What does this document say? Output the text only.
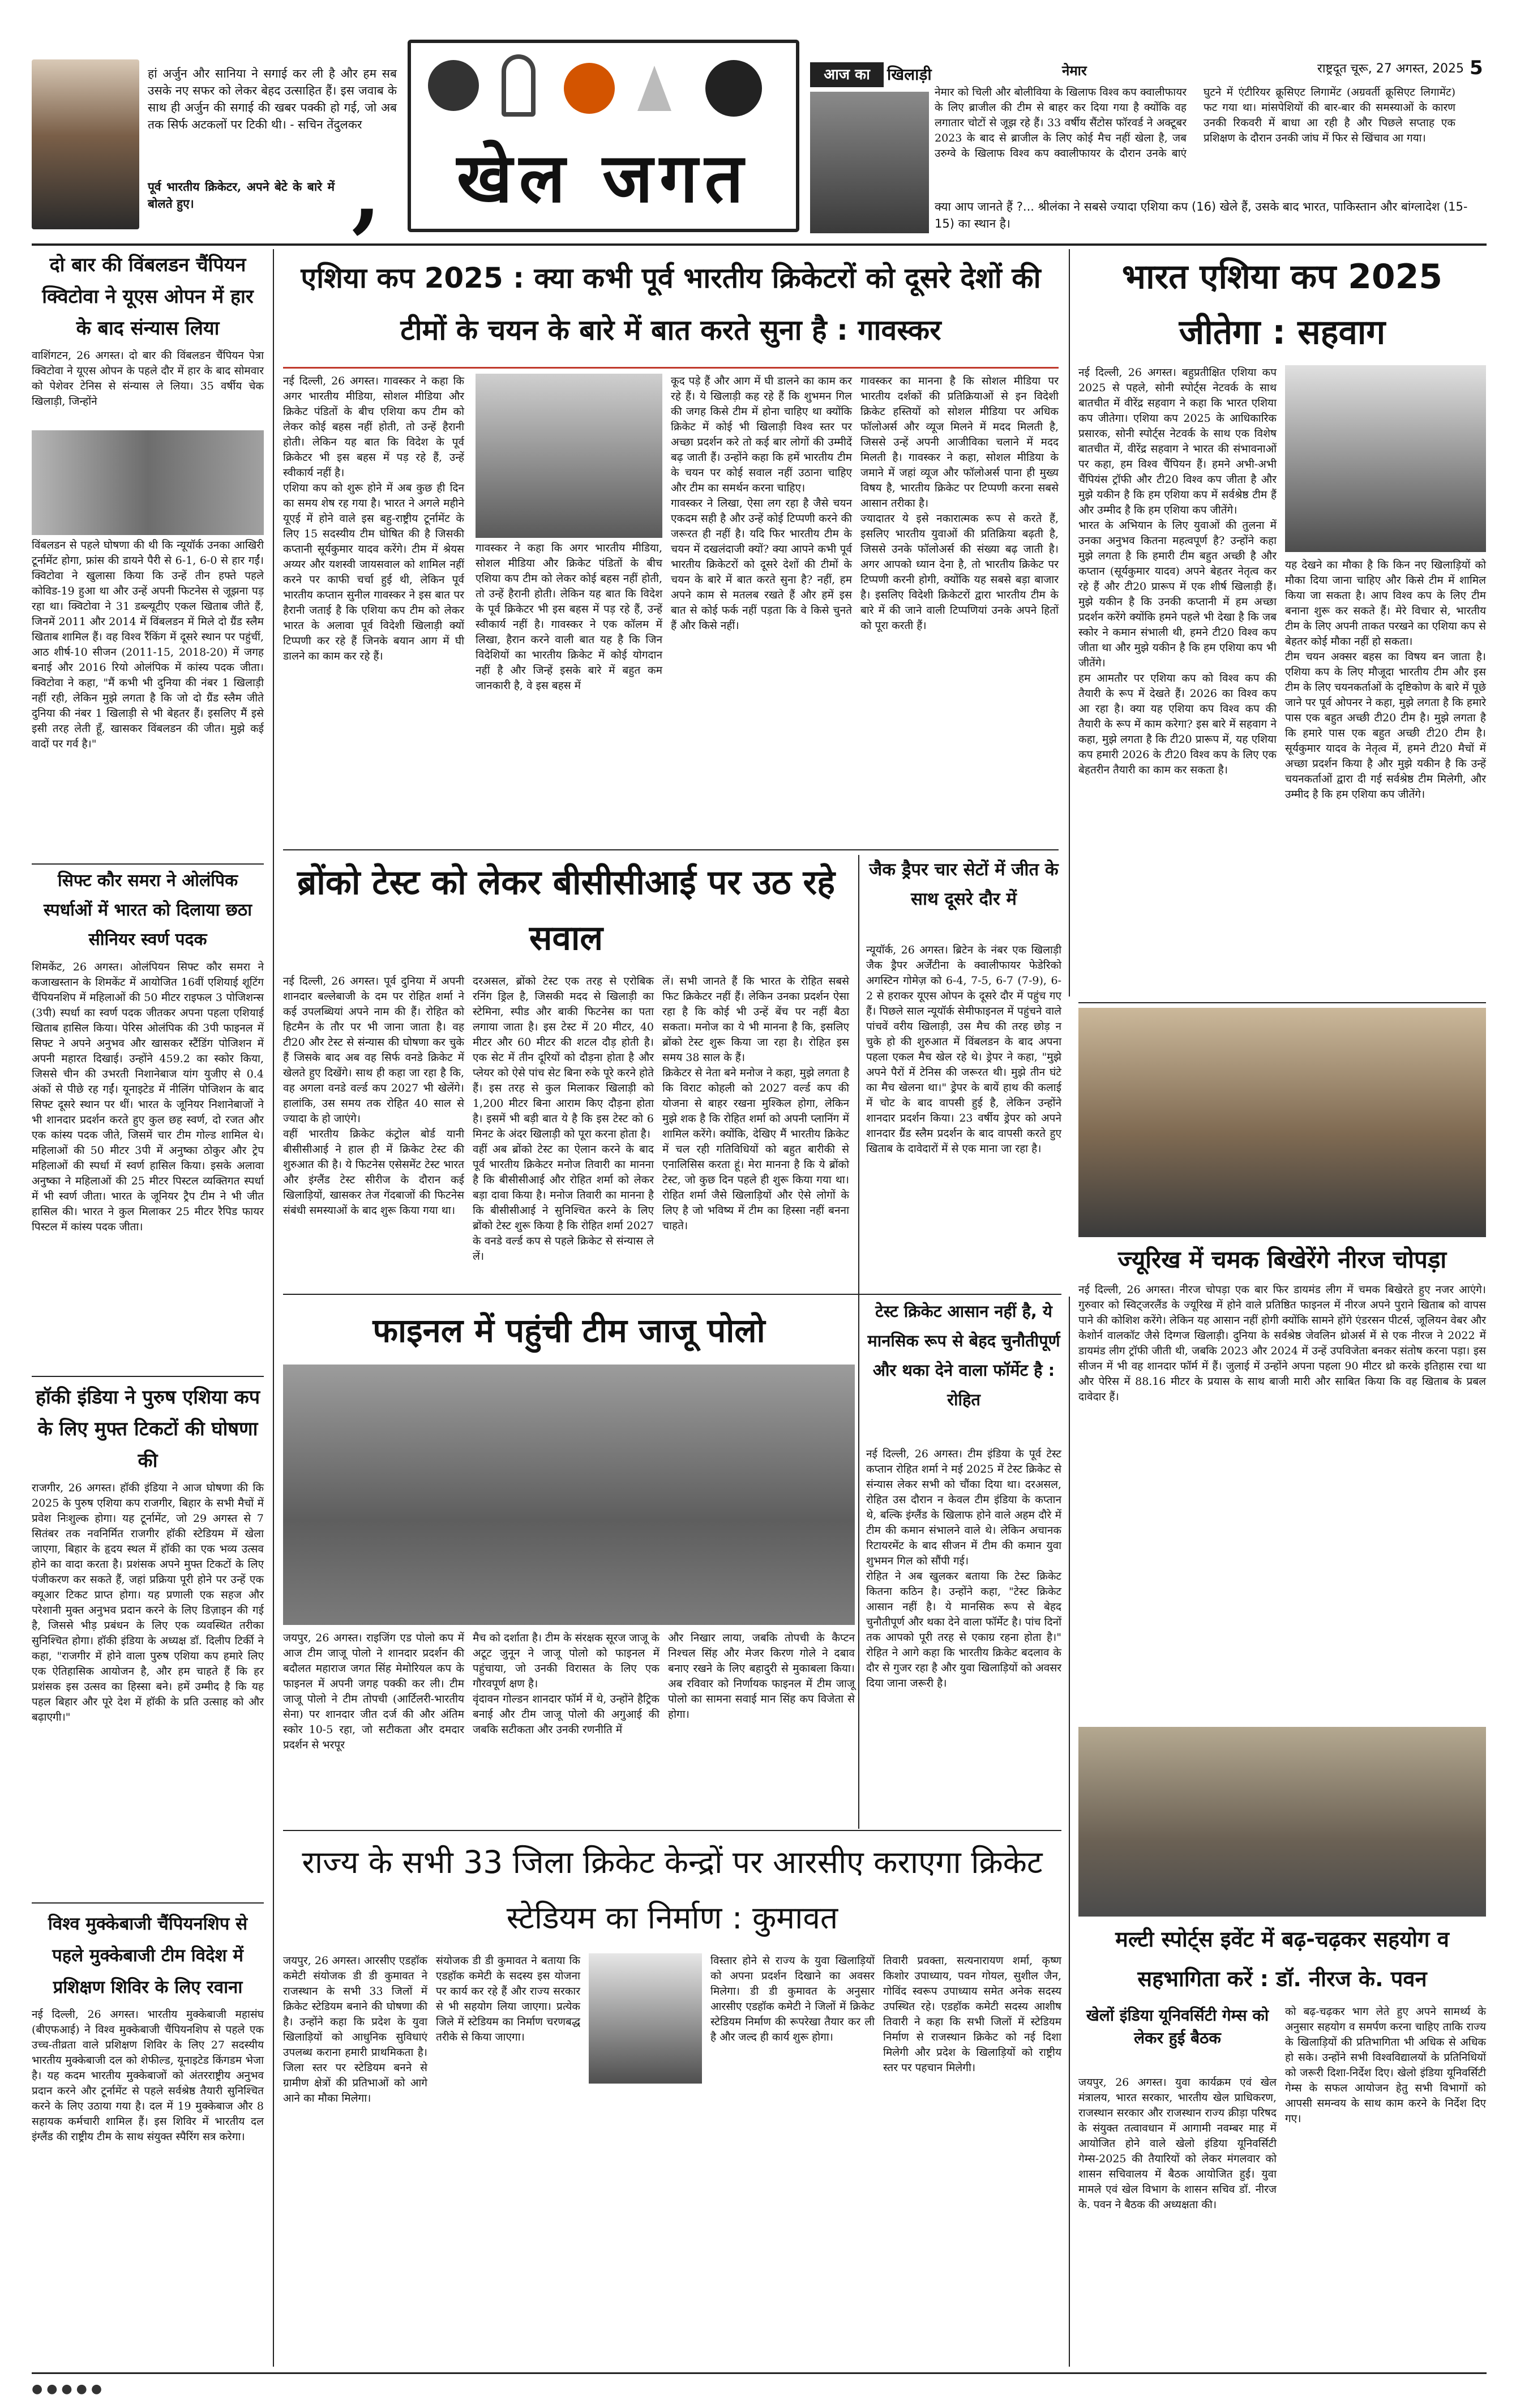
हां अर्जुन और सानिया ने सगाई कर ली है और हम सब उसके नए सफर को लेकर बेहद उत्साहित हैं। इस जवाब के साथ ही अर्जुन की सगाई की खबर पक्की हो गई, जो अब तक सिर्फ अटकलों पर टिकी थी। - सचिन तेंदुलकर
पूर्व भारतीय क्रिकेटर, अपने बेटे के बारे में बोलते हुए।	,	खेल जगत
आज का	खिलाड़ी	नेमार
नेमार को चिली और बोलीविया के खिलाफ विश्व कप क्वालीफायर के लिए ब्राजील की टीम से बाहर कर दिया गया है क्योंकि वह लगातार चोटों से जूझ रहे हैं। 33 वर्षीय सैंटोस फॉरवर्ड ने अक्टूबर 2023 के बाद से ब्राजील के लिए कोई मैच नहीं खेला है, जब उरुग्वे के खिलाफ विश्व कप क्वालीफायर के दौरान उनके बाएं घुटने में एंटीरियर क्रूसिएट लिगामेंट (अग्रवर्ती क्रूसिएट लिगामेंट) फट गया था। मांसपेशियों की बार-बार की समस्याओं के कारण उनकी रिकवरी में बाधा आ रही है और पिछले सप्ताह एक प्रशिक्षण के दौरान उनकी जांघ में फिर से खिंचाव आ गया।
क्या आप जानते हैं ?... श्रीलंका ने सबसे ज्यादा एशिया कप (16) खेले हैं, उसके बाद भारत, पाकिस्तान और बांग्लादेश (15-15) का स्थान है।
राष्ट्रदूत चूरू, 27 अगस्त, 2025 5
दो बार की विंबलडन चैंपियन क्विटोवा ने यूएस ओपन में हार के बाद संन्यास लिया
वाशिंगटन, 26 अगस्त। दो बार की विंबलडन चैंपियन पेत्रा क्विटोवा ने यूएस ओपन के पहले दौर में हार के बाद सोमवार को पेशेवर टेनिस से संन्यास ले लिया। 35 वर्षीय चेक खिलाड़ी, जिन्होंने
विंबलडन से पहले घोषणा की थी कि न्यूयॉर्क उनका आखिरी टूर्नामेंट होगा, फ्रांस की डायने पैरी से 6-1, 6-0 से हार गईं। क्विटोवा ने खुलासा किया कि उन्हें तीन हफ्ते पहले कोविड-19 हुआ था और उन्हें अपनी फिटनेस से जूझना पड़ रहा था। क्विटोवा ने 31 डब्ल्यूटीए एकल खिताब जीते हैं, जिनमें 2011 और 2014 में विंबलडन में मिले दो ग्रैंड स्लैम खिताब शामिल हैं। वह विश्व रैंकिंग में दूसरे स्थान पर पहुंचीं, आठ शीर्ष-10 सीजन (2011-15, 2018-20) में जगह बनाई और 2016 रियो ओलंपिक में कांस्य पदक जीता। क्विटोवा ने कहा, "मैं कभी भी दुनिया की नंबर 1 खिलाड़ी नहीं रही, लेकिन मुझे लगता है कि जो दो ग्रैंड स्लैम जीते दुनिया की नंबर 1 खिलाड़ी से भी बेहतर हैं। इसलिए मैं इसे इसी तरह लेती हूँ, खासकर विंबलडन की जीत। मुझे कई वादों पर गर्व है।"
सिफ्ट कौर समरा ने ओलंपिक स्पर्धाओं में भारत को दिलाया छठा सीनियर स्वर्ण पदक
शिमकेंट, 26 अगस्त। ओलंपियन सिफ्ट कौर समरा ने कजाखस्तान के शिमकेंट में आयोजित 16वीं एशियाई शूटिंग चैंपियनशिप में महिलाओं की 50 मीटर राइफल 3 पोजिशन्स (3पी) स्पर्धा का स्वर्ण पदक जीतकर अपना पहला एशियाई खिताब हासिल किया। पेरिस ओलंपिक की 3पी फाइनल में सिफ्ट ने अपने अनुभव और खासकर स्टैंडिंग पोजिशन में अपनी महारत दिखाई। उन्होंने 459.2 का स्कोर किया, जिससे चीन की उभरती निशानेबाज यांग युजीए से 0.4 अंकों से पीछे रह गईं। यूनाइटेड में नीलिंग पोजिशन के बाद सिफ्ट दूसरे स्थान पर थीं। भारत के जूनियर निशानेबाजों ने भी शानदार प्रदर्शन करते हुए कुल छह स्वर्ण, दो रजत और एक कांस्य पदक जीते, जिसमें चार टीम गोल्ड शामिल थे। महिलाओं की 50 मीटर 3पी में अनुष्का ठोकुर और ट्रेप महिलाओं की स्पर्धा में स्वर्ण हासिल किया। इसके अलावा अनुष्का ने महिलाओं की 25 मीटर पिस्टल व्यक्तिगत स्पर्धा में भी स्वर्ण जीता। भारत के जूनियर ट्रैप टीम ने भी जीत हासिल की। भारत ने कुल मिलाकर 25 मीटर रैपिड फायर पिस्टल में कांस्य पदक जीता।
हॉकी इंडिया ने पुरुष एशिया कप के लिए मुफ्त टिकटों की घोषणा की
राजगीर, 26 अगस्त। हॉकी इंडिया ने आज घोषणा की कि 2025 के पुरुष एशिया कप राजगीर, बिहार के सभी मैचों में प्रवेश निःशुल्क होगा। यह टूर्नामेंट, जो 29 अगस्त से 7 सितंबर तक नवनिर्मित राजगीर हॉकी स्टेडियम में खेला जाएगा, बिहार के हृदय स्थल में हॉकी का एक भव्य उत्सव होने का वादा करता है। प्रशंसक अपने मुफ्त टिकटों के लिए पंजीकरण कर सकते हैं, जहां प्रक्रिया पूरी होने पर उन्हें एक क्यूआर टिकट प्राप्त होगा। यह प्रणाली एक सहज और परेशानी मुक्त अनुभव प्रदान करने के लिए डिज़ाइन की गई है, जिससे भीड़ प्रबंधन के लिए एक व्यवस्थित तरीका सुनिश्चित होगा। हॉकी इंडिया के अध्यक्ष डॉ. दिलीप टिर्की ने कहा, "राजगीर में होने वाला पुरुष एशिया कप हमारे लिए एक ऐतिहासिक आयोजन है, और हम चाहते हैं कि हर प्रशंसक इस उत्सव का हिस्सा बने। हमें उम्मीद है कि यह पहल बिहार और पूरे देश में हॉकी के प्रति उत्साह को और बढ़ाएगी।"
विश्व मुक्केबाजी चैंपियनशिप से पहले मुक्केबाजी टीम विदेश में प्रशिक्षण शिविर के लिए रवाना
नई दिल्ली, 26 अगस्त। भारतीय मुक्केबाजी महासंघ (बीएफआई) ने विश्व मुक्केबाजी चैंपियनशिप से पहले एक उच्च-तीव्रता वाले प्रशिक्षण शिविर के लिए 27 सदस्यीय भारतीय मुक्केबाजी दल को शेफील्ड, यूनाइटेड किंगडम भेजा है। यह कदम भारतीय मुक्केबाजों को अंतरराष्ट्रीय अनुभव प्रदान करने और टूर्नामेंट से पहले सर्वश्रेष्ठ तैयारी सुनिश्चित करने के लिए उठाया गया है। दल में 19 मुक्केबाज और 8 सहायक कर्मचारी शामिल हैं। इस शिविर में भारतीय दल इंग्लैंड की राष्ट्रीय टीम के साथ संयुक्त स्पैरिंग सत्र करेगा।
एशिया कप 2025 : क्या कभी पूर्व भारतीय क्रिकेटरों को दूसरे देशों की टीमों के चयन के बारे में बात करते सुना है : गावस्कर
नई दिल्ली, 26 अगस्त। गावस्कर ने कहा कि अगर भारतीय मीडिया, सोशल मीडिया और क्रिकेट पंडितों के बीच एशिया कप टीम को लेकर कोई बहस नहीं होती, तो उन्हें हैरानी होती। लेकिन यह बात कि विदेश के पूर्व क्रिकेटर भी इस बहस में पड़ रहे हैं, उन्हें स्वीकार्य नहीं है।
एशिया कप को शुरू होने में अब कुछ ही दिन का समय शेष रह गया है। भारत ने अगले महीने यूएई में होने वाले इस बहु-राष्ट्रीय टूर्नामेंट के लिए 15 सदस्यीय टीम घोषित की है जिसकी कप्तानी सूर्यकुमार यादव करेंगे। टीम में श्रेयस अय्यर और यशस्वी जायसवाल को शामिल नहीं करने पर काफी चर्चा हुई थी, लेकिन पूर्व भारतीय कप्तान सुनील गावस्कर ने इस बात पर हैरानी जताई है कि एशिया कप टीम को लेकर भारत के अलावा पूर्व विदेशी खिलाड़ी क्यों टिप्पणी कर रहे हैं जिनके बयान आग में घी डालने का काम कर रहे हैं।
गावस्कर ने कहा कि अगर भारतीय मीडिया, सोशल मीडिया और क्रिकेट पंडितों के बीच एशिया कप टीम को लेकर कोई बहस नहीं होती, तो उन्हें हैरानी होती। लेकिन यह बात कि विदेश के पूर्व क्रिकेटर भी इस बहस में पड़ रहे हैं, उन्हें स्वीकार्य नहीं है। गावस्कर ने एक कॉलम में लिखा, हैरान करने वाली बात यह है कि जिन विदेशियों का भारतीय क्रिकेट में कोई योगदान नहीं है और जिन्हें इसके बारे में बहुत कम जानकारी है, वे इस बहस में
कूद पड़े हैं और आग में घी डालने का काम कर रहे हैं। ये खिलाड़ी कह रहे हैं कि शुभमन गिल की जगह किसे टीम में होना चाहिए था क्योंकि क्रिकेट में कोई भी खिलाड़ी विश्व स्तर पर अच्छा प्रदर्शन करे तो कई बार लोगों की उम्मीदें बढ़ जाती हैं। उन्होंने कहा कि हमें भारतीय टीम के चयन पर कोई सवाल नहीं उठाना चाहिए और टीम का समर्थन करना चाहिए।
गावस्कर ने लिखा, ऐसा लग रहा है जैसे चयन एकदम सही है और उन्हें कोई टिप्पणी करने की जरूरत ही नहीं है। यदि फिर भारतीय टीम के चयन में दखलंदाजी क्यों? क्या आपने कभी पूर्व भारतीय क्रिकेटरों को दूसरे देशों की टीमों के चयन के बारे में बात करते सुना है? नहीं, हम अपने काम से मतलब रखते हैं और हमें इस बात से कोई फर्क नहीं पड़ता कि वे किसे चुनते हैं और किसे नहीं।
गावस्कर का मानना है कि सोशल मीडिया पर भारतीय दर्शकों की प्रतिक्रियाओं से इन विदेशी क्रिकेट हस्तियों को सोशल मीडिया पर अधिक फॉलोअर्स और व्यूज मिलने में मदद मिलती है, जिससे उन्हें अपनी आजीविका चलाने में मदद मिलती है। गावस्कर ने कहा, सोशल मीडिया के जमाने में जहां व्यूज और फॉलोअर्स पाना ही मुख्य विषय है, भारतीय क्रिकेट पर टिप्पणी करना सबसे आसान तरीका है।
ज्यादातर ये इसे नकारात्मक रूप से करते हैं, इसलिए भारतीय युवाओं की प्रतिक्रिया बढ़ती है, जिससे उनके फॉलोअर्स की संख्या बढ़ जाती है। अगर आपको ध्यान देना है, तो भारतीय क्रिकेट पर टिप्पणी करनी होगी, क्योंकि यह सबसे बड़ा बाजार है। इसलिए विदेशी क्रिकेटरों द्वारा भारतीय टीम के बारे में की जाने वाली टिप्पणियां उनके अपने हितों को पूरा करती हैं।
भारत एशिया कप 2025 जीतेगा : सहवाग
नई दिल्ली, 26 अगस्त। बहुप्रतीक्षित एशिया कप 2025 से पहले, सोनी स्पोर्ट्स नेटवर्क के साथ बातचीत में वीरेंद्र सहवाग ने कहा कि भारत एशिया कप जीतेगा। एशिया कप 2025 के आधिकारिक प्रसारक, सोनी स्पोर्ट्स नेटवर्क के साथ एक विशेष बातचीत में, वीरेंद्र सहवाग ने भारत की संभावनाओं पर कहा, हम विश्व चैंपियन हैं। हमने अभी-अभी चैंपियंस ट्रॉफी और टी20 विश्व कप जीता है और मुझे यकीन है कि हम एशिया कप में सर्वश्रेष्ठ टीम हैं और उम्मीद है कि हम एशिया कप जीतेंगे।
भारत के अभियान के लिए युवाओं की तुलना में उनका अनुभव कितना महत्वपूर्ण है? उन्होंने कहा मुझे लगता है कि हमारी टीम बहुत अच्छी है और कप्तान (सूर्यकुमार यादव) अपने बेहतर नेतृत्व कर रहे हैं और टी20 प्रारूप में एक शीर्ष खिलाड़ी हैं। मुझे यकीन है कि उनकी कप्तानी में हम अच्छा प्रदर्शन करेंगे क्योंकि हमने पहले भी देखा है कि जब स्कोर ने कमान संभाली थी, हमने टी20 विश्व कप जीता था और मुझे यकीन है कि हम एशिया कप भी जीतेंगे।
हम आमतौर पर एशिया कप को विश्व कप की तैयारी के रूप में देखते हैं। 2026 का विश्व कप आ रहा है। क्या यह एशिया कप विश्व कप की तैयारी के रूप में काम करेगा? इस बारे में सहवाग ने कहा, मुझे लगता है कि टी20 प्रारूप में, यह एशिया कप हमारी 2026 के टी20 विश्व कप के लिए एक बेहतरीन तैयारी का काम कर सकता है।
यह देखने का मौका है कि किन नए खिलाड़ियों को मौका दिया जाना चाहिए और किसे टीम में शामिल किया जा सकता है। आप विश्व कप के लिए टीम बनाना शुरू कर सकते हैं। मेरे विचार से, भारतीय टीम के लिए अपनी ताकत परखने का एशिया कप से बेहतर कोई मौका नहीं हो सकता।
टीम चयन अक्सर बहस का विषय बन जाता है। एशिया कप के लिए मौजूदा भारतीय टीम और इस टीम के लिए चयनकर्ताओं के दृष्टिकोण के बारे में पूछे जाने पर पूर्व ओपनर ने कहा, मुझे लगता है कि हमारे पास एक बहुत अच्छी टी20 टीम है। मुझे लगता है कि हमारे पास एक बहुत अच्छी टी20 टीम है। सूर्यकुमार यादव के नेतृत्व में, हमने टी20 मैचों में अच्छा प्रदर्शन किया है और मुझे यकीन है कि उन्हें चयनकर्ताओं द्वारा दी गई सर्वश्रेष्ठ टीम मिलेगी, और उम्मीद है कि हम एशिया कप जीतेंगे।
ब्रोंको टेस्ट को लेकर बीसीसीआई पर उठ रहे सवाल
नई दिल्ली, 26 अगस्त। पूर्व दुनिया में अपनी शानदार बल्लेबाजी के दम पर रोहित शर्मा ने कई उपलब्धियां अपने नाम की हैं। रोहित को हिटमैन के तौर पर भी जाना जाता है। वह टी20 और टेस्ट से संन्यास की घोषणा कर चुके हैं जिसके बाद अब वह सिर्फ वनडे क्रिकेट में खेलते हुए दिखेंगे। साथ ही कहा जा रहा है कि, वह अगला वनडे वर्ल्ड कप 2027 भी खेलेंगे। हालांकि, उस समय तक रोहित 40 साल से ज्यादा के हो जाएंगे।
वहीं भारतीय क्रिकेट कंट्रोल बोर्ड यानी बीसीसीआई ने हाल ही में क्रिकेट टेस्ट की शुरुआत की है। ये फिटनेस एसेसमेंट टेस्ट भारत और इंग्लैंड टेस्ट सीरीज के दौरान कई खिलाड़ियों, खासकर तेज गेंदबाजों की फिटनेस संबंधी समस्याओं के बाद शुरू किया गया था।
दरअसल, ब्रोंको टेस्ट एक तरह से एरोबिक रनिंग ड्रिल है, जिसकी मदद से खिलाड़ी का स्टेमिना, स्पीड और बाकी फिटनेस का पता लगाया जाता है। इस टेस्ट में 20 मीटर, 40 मीटर और 60 मीटर की शटल दौड़ होती है। एक सेट में तीन दूरियों को दौड़ना होता है और प्लेयर को ऐसे पांच सेट बिना रुके पूरे करने होते हैं। इस तरह से कुल मिलाकर खिलाड़ी को 1,200 मीटर बिना आराम किए दौड़ना होता है। इसमें भी बड़ी बात ये है कि इस टेस्ट को 6 मिनट के अंदर खिलाड़ी को पूरा करना होता है।
वहीं अब ब्रोंको टेस्ट का ऐलान करने के बाद पूर्व भारतीय क्रिकेटर मनोज तिवारी का मानना है कि बीसीसीआई और रोहित शर्मा को लेकर बड़ा दावा किया है। मनोज तिवारी का मानना है कि बीसीसीआई ने सुनिश्चित करने के लिए ब्रोंको टेस्ट शुरू किया है कि रोहित शर्मा 2027 के वनडे वर्ल्ड कप से पहले क्रिकेट से संन्यास ले लें।
लें। सभी जानते हैं कि भारत के रोहित सबसे फिट क्रिकेटर नहीं हैं। लेकिन उनका प्रदर्शन ऐसा रहा है कि कोई भी उन्हें बेंच पर नहीं बैठा सकता। मनोज का ये भी मानना है कि, इसलिए ब्रोंको टेस्ट शुरू किया जा रहा है। रोहित इस समय 38 साल के हैं।
क्रिकेटर से नेता बने मनोज ने कहा, मुझे लगता है कि विराट कोहली को 2027 वर्ल्ड कप की योजना से बाहर रखना मुश्किल होगा, लेकिन मुझे शक है कि रोहित शर्मा को अपनी प्लानिंग में शामिल करेंगे। क्योंकि, देखिए मैं भारतीय क्रिकेट में चल रही गतिविधियों को बहुत बारीकी से एनालिसिस करता हूं। मेरा मानना है कि ये ब्रोंको टेस्ट, जो कुछ दिन पहले ही शुरू किया गया था। रोहित शर्मा जैसे खिलाड़ियों और ऐसे लोगों के लिए है जो भविष्य में टीम का हिस्सा नहीं बनना चाहते।
जैक ड्रैपर चार सेटों में जीत के साथ दूसरे दौर में
न्यूयॉर्क, 26 अगस्त। ब्रिटेन के नंबर एक खिलाड़ी जैक ड्रैपर अर्जेंटीना के क्वालीफायर फेडेरिको अगस्टिन गोमेज़ को 6-4, 7-5, 6-7 (7-9), 6-2 से हराकर यूएस ओपन के दूसरे दौर में पहुंच गए हैं। पिछले साल न्यूयॉर्क सेमीफाइनल में पहुंचने वाले पांचवें वरीय खिलाड़ी, उस मैच की तरह छोड़ न चुके हो की शुरुआत में विंबलडन के बाद अपना पहला एकल मैच खेल रहे थे। ड्रेपर ने कहा, "मुझे अपने पैरों में टेनिस की जरूरत थी। मुझे तीन घंटे का मैच खेलना था।" ड्रेपर के बायें हाथ की कलाई में चोट के बाद वापसी हुई है, लेकिन उन्होंने शानदार प्रदर्शन किया। 23 वर्षीय ड्रेपर को अपने शानदार ग्रैंड स्लैम प्रदर्शन के बाद वापसी करते हुए खिताब के दावेदारों में से एक माना जा रहा है।
ज्यूरिख में चमक बिखेरेंगे नीरज चोपड़ा
नई दिल्ली, 26 अगस्त। नीरज चोपड़ा एक बार फिर डायमंड लीग में चमक बिखेरते हुए नजर आएंगे। गुरुवार को स्विट्जरलैंड के ज्यूरिख में होने वाले प्रतिष्ठित फाइनल में नीरज अपने पुराने खिताब को वापस पाने की कोशिश करेंगे। लेकिन यह आसान नहीं होगी क्योंकि सामने होंगे एंडरसन पीटर्स, जूलियन वेबर और केशोर्न वालकॉट जैसे दिग्गज खिलाड़ी। दुनिया के सर्वश्रेष्ठ जेवलिन थ्रोअर्स में से एक नीरज ने 2022 में डायमंड लीग ट्रॉफी जीती थी, जबकि 2023 और 2024 में उन्हें उपविजेता बनकर संतोष करना पड़ा। इस सीजन में भी वह शानदार फॉर्म में हैं। जुलाई में उन्होंने अपना पहला 90 मीटर थ्रो करके इतिहास रचा था और पेरिस में 88.16 मीटर के प्रयास के साथ बाजी मारी और साबित किया कि वह खिताब के प्रबल दावेदार हैं।
टेस्ट क्रिकेट आसान नहीं है, ये मानसिक रूप से बेहद चुनौतीपूर्ण और थका देने वाला फॉर्मेट है : रोहित
नई दिल्ली, 26 अगस्त। टीम इंडिया के पूर्व टेस्ट कप्तान रोहित शर्मा ने मई 2025 में टेस्ट क्रिकेट से संन्यास लेकर सभी को चौंका दिया था। दरअसल, रोहित उस दौरान न केवल टीम इंडिया के कप्तान थे, बल्कि इंग्लैंड के खिलाफ होने वाले अहम दौरे में टीम की कमान संभालने वाले थे। लेकिन अचानक रिटायरमेंट के बाद सीजन में टीम की कमान युवा शुभमन गिल को सौंपी गई।
रोहित ने अब खुलकर बताया कि टेस्ट क्रिकेट कितना कठिन है। उन्होंने कहा, "टेस्ट क्रिकेट आसान नहीं है। ये मानसिक रूप से बेहद चुनौतीपूर्ण और थका देने वाला फॉर्मेट है। पांच दिनों तक आपको पूरी तरह से एकाग्र रहना होता है।" रोहित ने आगे कहा कि भारतीय क्रिकेट बदलाव के दौर से गुजर रहा है और युवा खिलाड़ियों को अवसर दिया जाना जरूरी है।
फाइनल में पहुंची टीम जाजू पोलो
जयपुर, 26 अगस्त। राइजिंग एड पोलो कप में आज टीम जाजू पोलो ने शानदार प्रदर्शन की बदौलत महाराज जगत सिंह मेमोरियल कप के फाइनल में अपनी जगह पक्की कर ली। टीम जाजू पोलो ने टीम तोपची (आर्टिलरी-भारतीय सेना) पर शानदार जीत दर्ज की और अंतिम स्कोर 10-5 रहा, जो सटीकता और दमदार प्रदर्शन से भरपूर
मैच को दर्शाता है। टीम के संरक्षक सूरज जाजू के अटूट जुनून ने जाजू पोलो को फाइनल में पहुंचाया, जो उनकी विरासत के लिए एक गौरवपूर्ण क्षण है।
वृंदावन गोल्डन शानदार फॉर्म में थे, उन्होंने हैट्रिक बनाई और टीम जाजू पोलो की अगुआई की जबकि सटीकता और उनकी रणनीति में
और निखार लाया, जबकि तोपची के कैप्टन निश्चल सिंह और मेजर किरण गोले ने दबाव बनाए रखने के लिए बहादुरी से मुकाबला किया। अब रविवार को निर्णायक फाइनल में टीम जाजू पोलो का सामना सवाई मान सिंह कप विजेता से होगा।
राज्य के सभी 33 जिला क्रिकेट केन्द्रों पर आरसीए कराएगा क्रिकेट स्टेडियम का निर्माण : कुमावत
जयपुर, 26 अगस्त। आरसीए एडहॉक कमेटी संयोजक डी डी कुमावत ने राजस्थान के सभी 33 जिलों में क्रिकेट स्टेडियम बनाने की घोषणा की है। उन्होंने कहा कि प्रदेश के युवा खिलाड़ियों को आधुनिक सुविधाएं उपलब्ध कराना हमारी प्राथमिकता है। जिला स्तर पर स्टेडियम बनने से ग्रामीण क्षेत्रों की प्रतिभाओं को आगे आने का मौका मिलेगा।
संयोजक डी डी कुमावत ने बताया कि एडहॉक कमेटी के सदस्य इस योजना पर कार्य कर रहे हैं और राज्य सरकार से भी सहयोग लिया जाएगा। प्रत्येक जिले में स्टेडियम का निर्माण चरणबद्ध तरीके से किया जाएगा।
विस्तार होने से राज्य के युवा खिलाड़ियों को अपना प्रदर्शन दिखाने का अवसर मिलेगा। डी डी कुमावत के अनुसार आरसीए एडहॉक कमेटी ने जिलों में क्रिकेट स्टेडियम निर्माण की रूपरेखा तैयार कर ली है और जल्द ही कार्य शुरू होगा।
तिवारी प्रवक्ता, सत्यनारायण शर्मा, कृष्ण किशोर उपाध्याय, पवन गोयल, सुशील जैन, गोविंद स्वरूप उपाध्याय समेत अनेक सदस्य उपस्थित रहे। एडहॉक कमेटी सदस्य आशीष तिवारी ने कहा कि सभी जिलों में स्टेडियम निर्माण से राजस्थान क्रिकेट को नई दिशा मिलेगी और प्रदेश के खिलाड़ियों को राष्ट्रीय स्तर पर पहचान मिलेगी।
मल्टी स्पोर्ट्स इवेंट में बढ़-चढ़कर सहयोग व सहभागिता करें : डॉ. नीरज के. पवन
खेलों इंडिया यूनिवर्सिटी गेम्स को लेकर हुई बैठक
जयपुर, 26 अगस्त। युवा कार्यक्रम एवं खेल मंत्रालय, भारत सरकार, भारतीय खेल प्राधिकरण, राजस्थान सरकार और राजस्थान राज्य क्रीड़ा परिषद के संयुक्त तत्वावधान में आगामी नवम्बर माह में आयोजित होने वाले खेलो इंडिया यूनिवर्सिटी गेम्स-2025 की तैयारियों को लेकर मंगलवार को शासन सचिवालय में बैठक आयोजित हुई। युवा मामले एवं खेल विभाग के शासन सचिव डॉ. नीरज के. पवन ने बैठक की अध्यक्षता की।
को बढ़-चढ़कर भाग लेते हुए अपने सामर्थ्य के अनुसार सहयोग व समर्पण करना चाहिए ताकि राज्य के खिलाड़ियों की प्रतिभागिता भी अधिक से अधिक हो सके। उन्होंने सभी विश्वविद्यालयों के प्रतिनिधियों को जरूरी दिशा-निर्देश दिए। खेलो इंडिया यूनिवर्सिटी गेम्स के सफल आयोजन हेतु सभी विभागों को आपसी समन्वय के साथ काम करने के निर्देश दिए गए।
● ● ● ● ●
